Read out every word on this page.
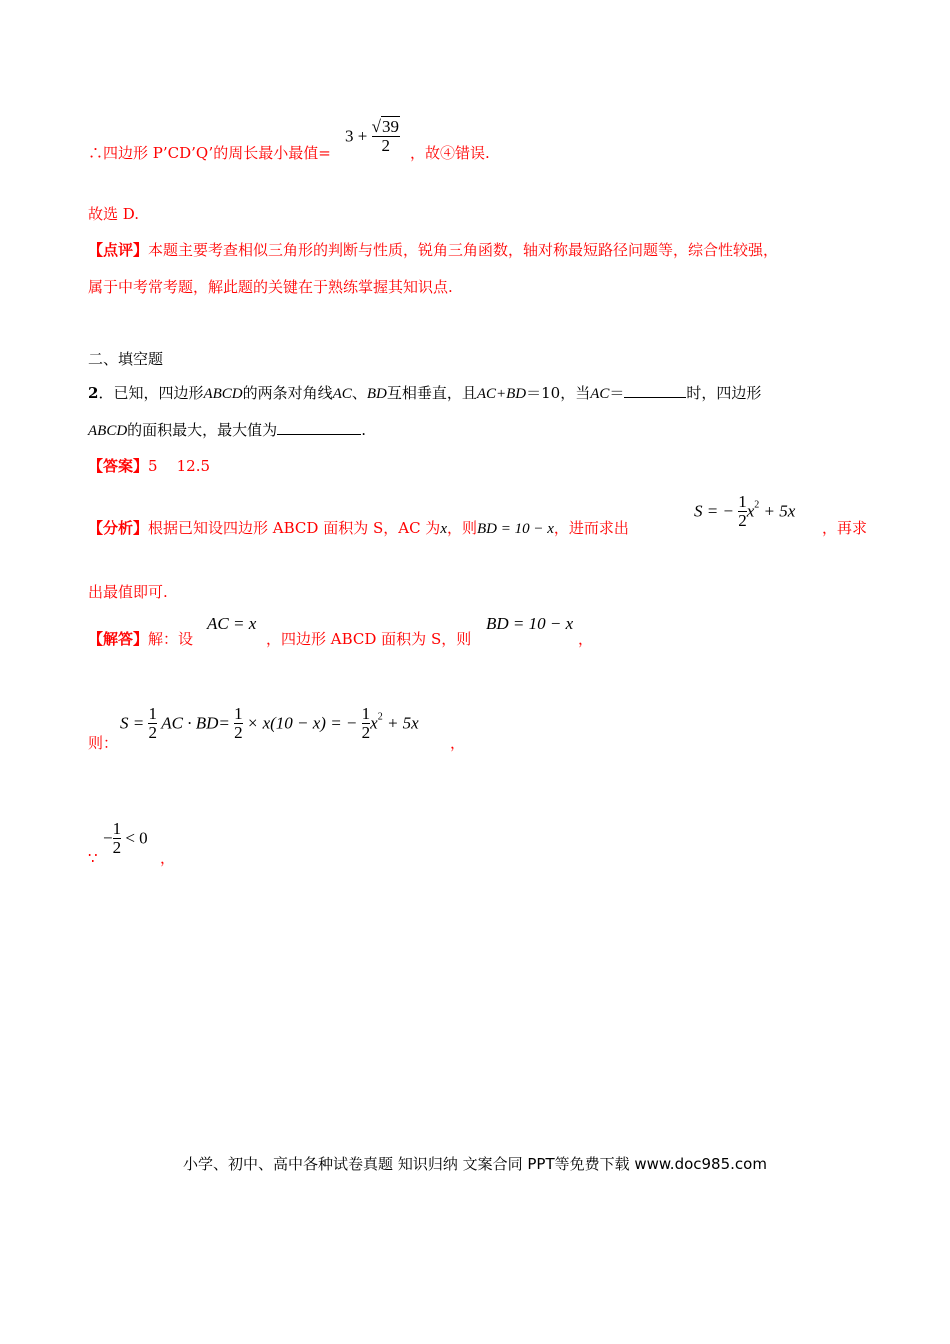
∴四边形 P’CD’Q’的周长最小最值=
$3 + \frac{√39}{2}$ ，故④错误.
故选 D.
【点评】本题主要考查相似三角形的判断与性质，锐角三角函数，轴对称最短路径问题等，综合性较强，
属于中考常考题，解此题的关键在于熟练掌握其知识点.
二、填空题
2．已知，四边形ABCD的两条对角线AC、BD互相垂直，且AC+BD＝10，当AC＝	时，四边形
ABCD的面积最大，最大值为	.
【答案】5    12.5
【分析】根据已知设四边形 ABCD 面积为 S，AC 为x，则BD = 10 − x，进而求出
S = − $\frac{1}{2} x^2 + 5x$
，再求
出最值即可.
【解答】解：设
AC = x
，四边形 ABCD 面积为 S，则
BD = 10 − x
，
则：
$S = \frac{1}{2}$ AC · $BD= \frac{1}{2} \times x(10 - x)$ = − $\frac{1}{2} x^2 + 5x$
，
∵
− $\frac{1}{2} < 0$
，
小学、初中、高中各种试卷真题 知识归纳 文案合同 PPT等免费下载 www.doc985.com
